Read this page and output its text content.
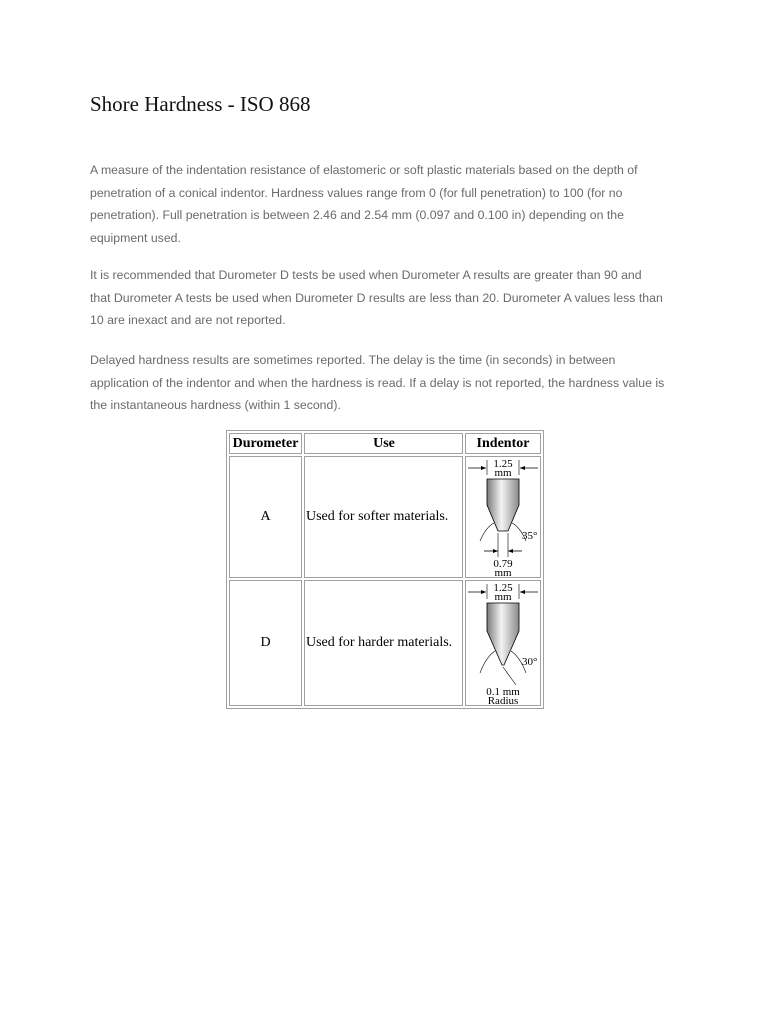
Shore Hardness - ISO 868

A measure of the indentation resistance of elastomeric or soft plastic materials based on the depth of
penetration of a conical indentor. Hardness values range from 0 (for full penetration) to 100 (for no
penetration). Full penetration is between 2.46 and 2.54 mm (0.097 and 0.100 in) depending on the
equipment used.

It is recommended that Durometer D tests be used when Durometer A results are greater than 90 and
that Durometer A tests be used when Durometer D results are less than 20. Durometer A values less than
10 are inexact and are not reported.

Delayed hardness results are sometimes reported. The delay is the time (in seconds) in between
application of the indentor and when the hardness is read. If a delay is not reported, the hardness value is
the instantaneous hardness (within 1 second).

Durometer	Use	Indentor
A	Used for softer materials.	1.25
mm
35°
0.79
mm

D	Used for harder materials.	1.25
mm
30°
0.1 mm
Radius
